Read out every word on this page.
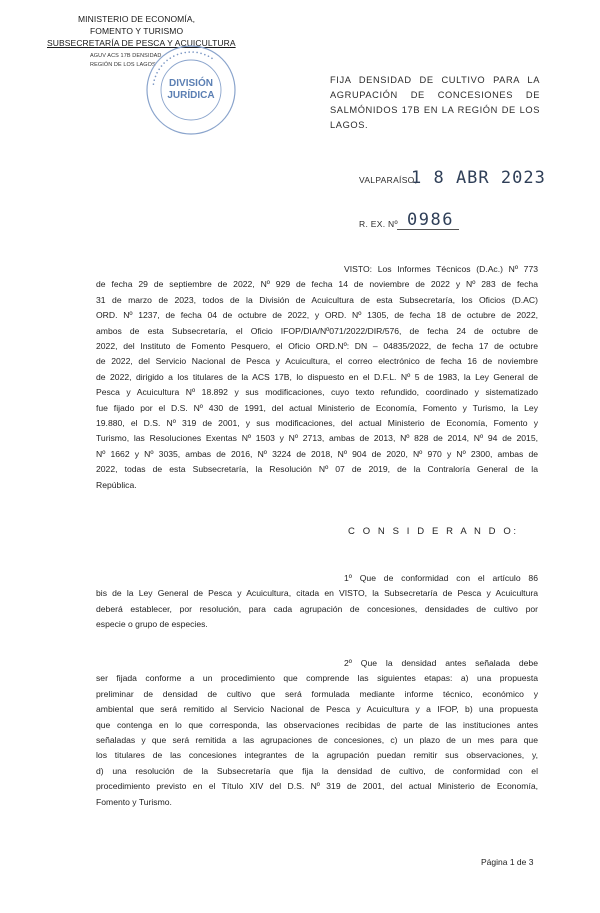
MINISTERIO DE ECONOMÍA,
FOMENTO Y TURISMO
SUBSECRETARÍA DE PESCA Y ACUICULTURA
AGUV ACS 17B DENSIDAD
REGIÓN DE LOS LAGOS
• • • • • • • • • • • • • • • • • • • •
DIVISIÓN
JURÍDICA
FIJA DENSIDAD DE CULTIVO PARA LA AGRUPACIÓN DE CONCESIONES DE SALMÓNIDOS 17B EN LA REGIÓN DE LOS LAGOS.
VALPARAÍSO,
1 8 ABR 2023
R. EX. Nº 0986
VISTO: Los Informes Técnicos (D.Ac.) Nº 773
de fecha 29 de septiembre de 2022, Nº 929 de fecha 14 de noviembre de 2022 y Nº 283 de fecha
31 de marzo de 2023, todos de la División de Acuicultura de esta Subsecretaría, los Oficios (D.AC)
ORD. Nº 1237, de fecha 04 de octubre de 2022, y ORD. Nº 1305, de fecha 18 de octubre de 2022,
ambos de esta Subsecretaría, el Oficio IFOP/DIA/Nº071/2022/DIR/576, de fecha 24 de octubre de
2022, del Instituto de Fomento Pesquero, el Oficio ORD.Nº: DN – 04835/2022, de fecha 17 de octubre
de 2022, del Servicio Nacional de Pesca y Acuicultura, el correo electrónico de fecha 16 de noviembre
de 2022, dirigido a los titulares de la ACS 17B, lo dispuesto en el D.F.L. Nº 5 de 1983, la Ley General de
Pesca y Acuicultura Nº 18.892 y sus modificaciones, cuyo texto refundido, coordinado y sistematizado
fue fijado por el D.S. Nº 430 de 1991, del actual Ministerio de Economía, Fomento y Turismo, la Ley
19.880, el D.S. Nº 319 de 2001, y sus modificaciones, del actual Ministerio de Economía, Fomento y
Turismo, las Resoluciones Exentas Nº 1503 y Nº 2713, ambas de 2013, Nº 828 de 2014, Nº 94 de 2015,
Nº 1662 y Nº 3035, ambas de 2016, Nº 3224 de 2018, Nº 904 de 2020, Nº 970 y Nº 2300, ambas de
2022, todas de esta Subsecretaría, la Resolución Nº 07 de 2019, de la Contraloría General de la
República.
C O N S I D E R A N D O:
1º Que de conformidad con el artículo 86
bis de la Ley General de Pesca y Acuicultura, citada en VISTO, la Subsecretaría de Pesca y Acuicultura
deberá establecer, por resolución, para cada agrupación de concesiones, densidades de cultivo por
especie o grupo de especies.
2º Que la densidad antes señalada debe
ser fijada conforme a un procedimiento que comprende las siguientes etapas: a) una propuesta
preliminar de densidad de cultivo que será formulada mediante informe técnico, económico y
ambiental que será remitido al Servicio Nacional de Pesca y Acuicultura y a IFOP, b) una propuesta
que contenga en lo que corresponda, las observaciones recibidas de parte de las instituciones antes
señaladas y que será remitida a las agrupaciones de concesiones, c) un plazo de un mes para que
los titulares de las concesiones integrantes de la agrupación puedan remitir sus observaciones, y,
d) una resolución de la Subsecretaría que fija la densidad de cultivo, de conformidad con el
procedimiento previsto en el Título XIV del D.S. Nº 319 de 2001, del actual Ministerio de Economía,
Fomento y Turismo.
Página 1 de 3
